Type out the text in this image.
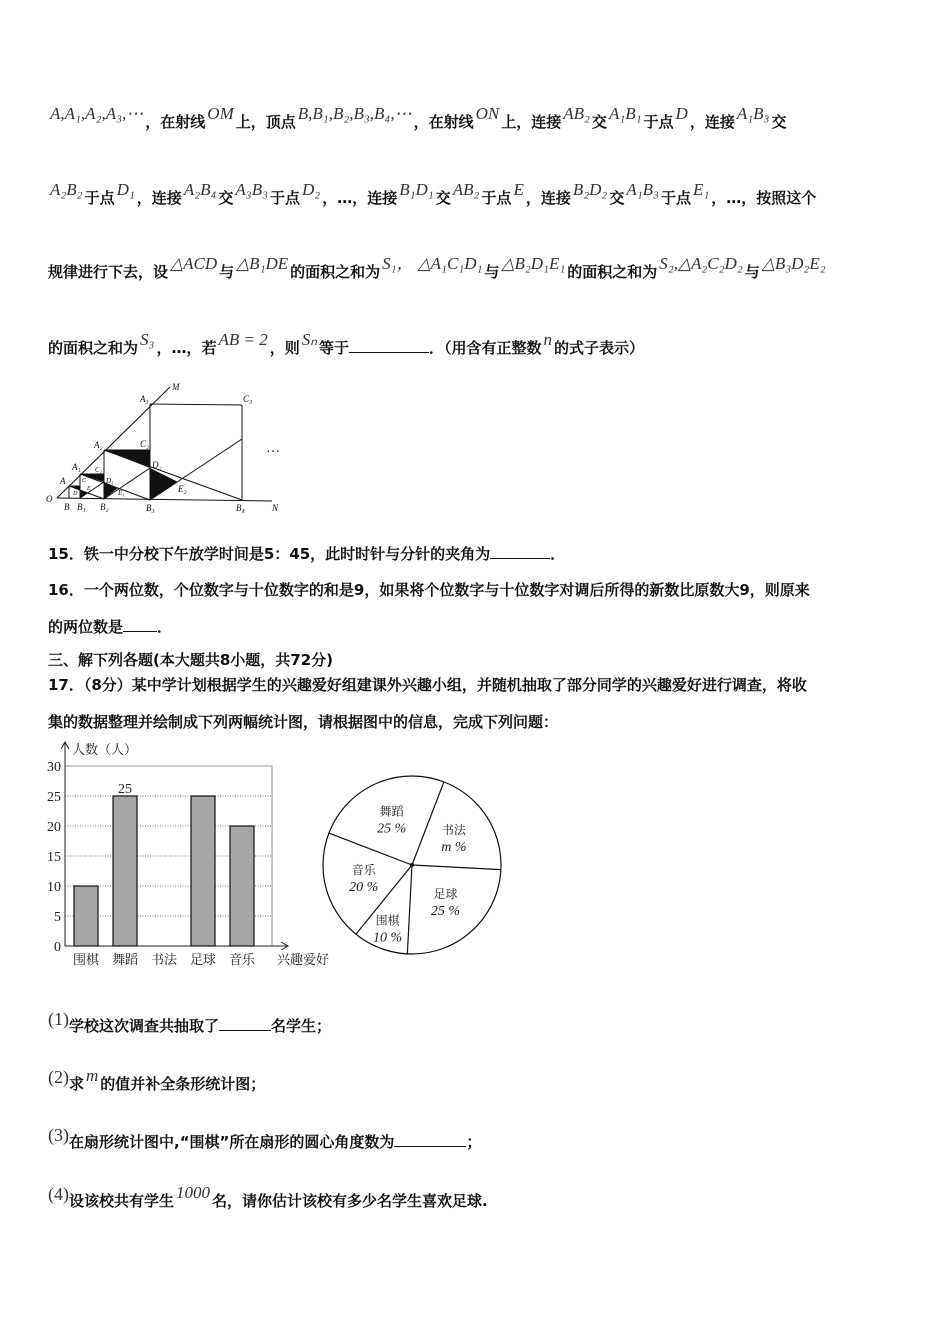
A,A₁,A₂,A₃,⋯ ，在射线 OM 上，顶点 B,B₁,B₂,B₃,B₄,⋯ ，在射线 ON 上，连接 AB₂ 交 A₁B₁ 于点 D ，连接 A₁B₃ 交
A₂B₂ 于点 D₁ ，连接 A₂B₄ 交 A₃B₃ 于点 D₂ ，…，连接 B₁D₁ 交 AB₂ 于点 E ，连接 B₂D₂ 交 A₁B₃ 于点 E₁ ，…，按照这个
规律进行下去，设 △ACD 与 △B₁DE 的面积之和为 S₁， △A₁C₁D₁ 与 △B₂D₁E₁ 的面积之和为 S₂,△A₂C₂D₂ 与 △B₃D₂E₂
的面积之和为 S₃ ，…，若 AB = 2 ，则 Sₙ 等于	．（用含有正整数 n 的式子表示）
O
B B₁ B₂	B₃	B₄	N
M
A
A₁
A₂
A₃
C
D
E
C₁
D₁
E₁
C₂
D₂
E₂
C₃
···
15．铁一中分校下午放学时间是5：45，此时时针与分针的夹角为	．
16．一个两位数，个位数字与十位数字的和是9，如果将个位数字与十位数字对调后所得的新数比原数大9，则原来
的两位数是 ．
三、解下列各题(本大题共8小题，共72分)
17．（8分）某中学计划根据学生的兴趣爱好组建课外兴趣小组，并随机抽取了部分同学的兴趣爱好进行调查，将收
集的数据整理并绘制成下列两幅统计图，请根据图中的信息，完成下列问题：
0
5
10
15
20
25
30
人数（人）
兴趣爱好
围棋 舞蹈
25
书法 足球 音乐
书法
m %
足球
25 %
围棋
10 %
音乐
20 %
舞蹈
25 %
(1)学校这次调查共抽取了	名学生；
(2)求 m 的值并补全条形统计图；
(3)在扇形统计图中,“围棋”所在扇形的圆心角度数为	；
(4)设该校共有学生 1000 名，请你估计该校有多少名学生喜欢足球.
